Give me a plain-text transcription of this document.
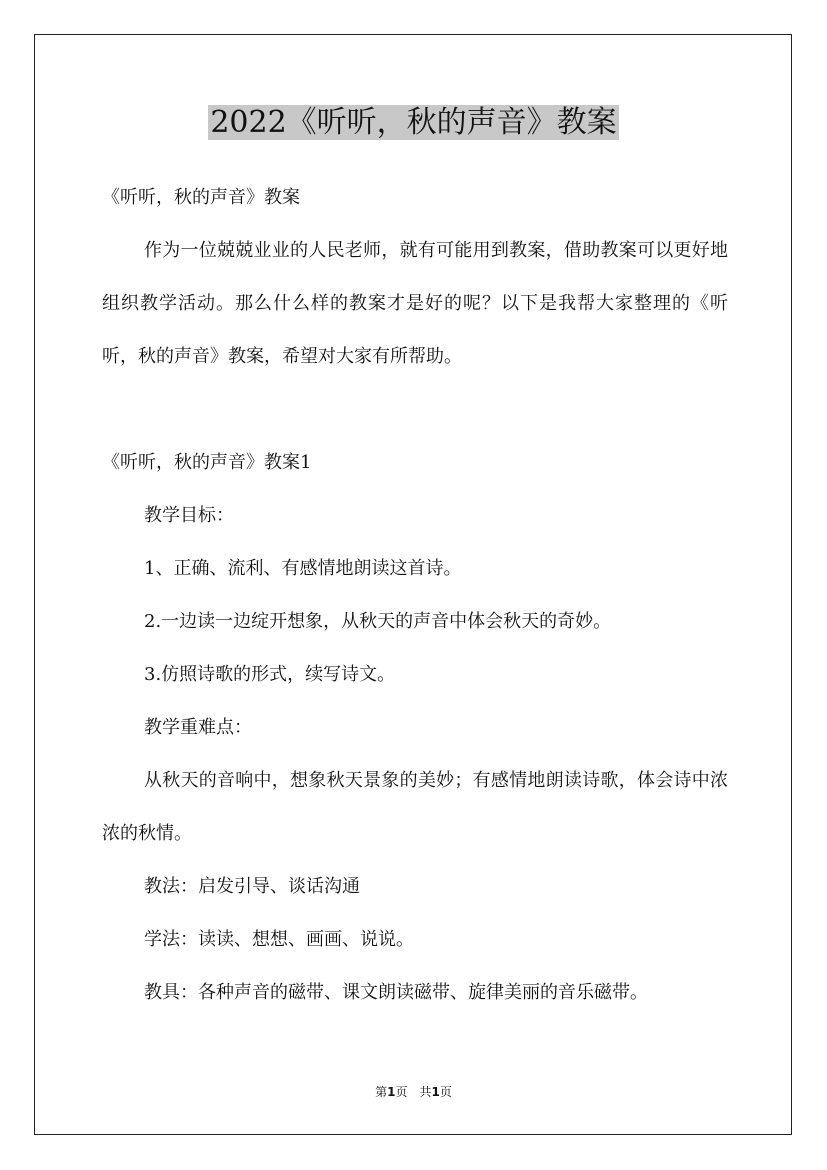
2022《听听，秋的声音》教案

《听听，秋的声音》教案

作为一位兢兢业业的人民老师，就有可能用到教案，借助教案可以更好地组织教学活动。那么什么样的教案才是好的呢？以下是我帮大家整理的《听听，秋的声音》教案，希望对大家有所帮助。

《听听，秋的声音》教案1

教学目标：

1、正确、流利、有感情地朗读这首诗。

2.一边读一边绽开想象，从秋天的声音中体会秋天的奇妙。

3.仿照诗歌的形式，续写诗文。

教学重难点：

从秋天的音响中，想象秋天景象的美妙；有感情地朗读诗歌，体会诗中浓浓的秋情。

教法：启发引导、谈话沟通

学法：读读、想想、画画、说说。

教具：各种声音的磁带、课文朗读磁带、旋律美丽的音乐磁带。

第1页　共1页
